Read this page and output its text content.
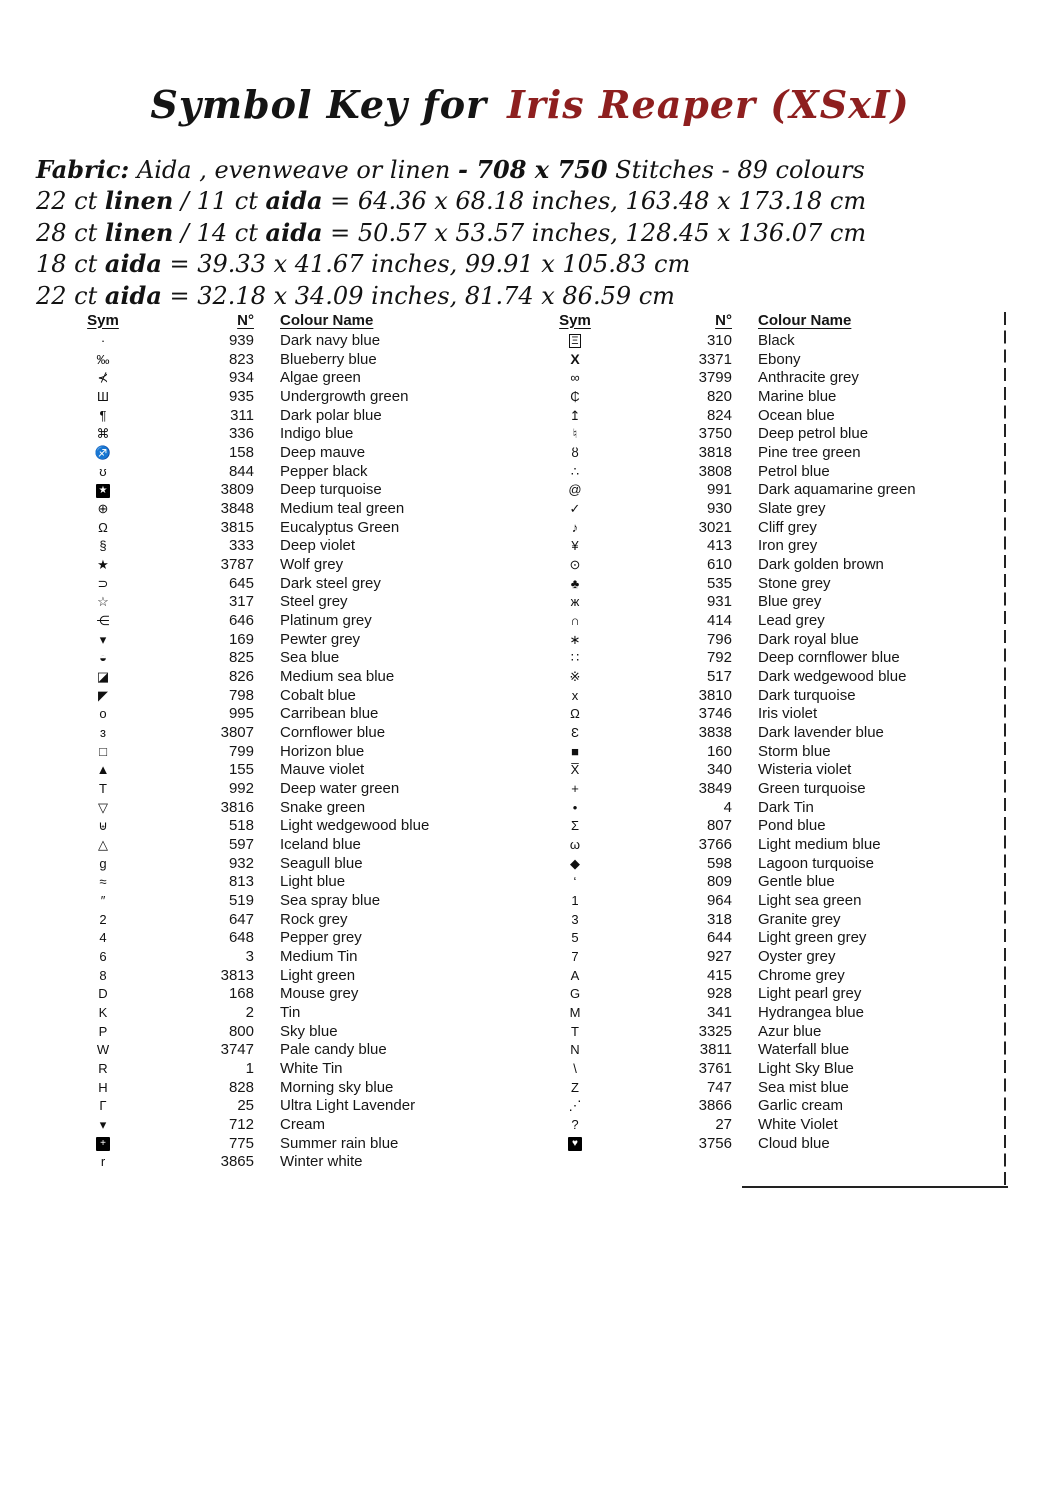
Symbol Key for Iris Reaper (XSxI)
Fabric: Aida , evenweave or linen - 708 x 750 Stitches - 89 colours
22 ct linen / 11 ct aida = 64.36 x 68.18 inches, 163.48 x 173.18 cm
28 ct linen / 14 ct aida = 50.57 x 53.57 inches, 128.45 x 136.07 cm
18 ct aida = 39.33 x 41.67 inches, 99.91 x 105.83 cm
22 ct aida = 32.18 x 34.09 inches, 81.74 x 86.59 cm
Sym	N°	Colour Name
·	939	Dark navy blue
‰	823	Blueberry blue
⊀	934	Algae green
Ш	935	Undergrowth green
¶	311	Dark polar blue
⌘	336	Indigo blue
♐	158	Deep mauve
ʊ	844	Pepper black
★	3809	Deep turquoise
⊕	3848	Medium teal green
Ω	3815	Eucalyptus Green
§	333	Deep violet
★	3787	Wolf grey
⊃	645	Dark steel grey
☆	317	Steel grey
⋲	646	Platinum grey
▾	169	Pewter grey
◒	825	Sea blue
◪	826	Medium sea blue
◤	798	Cobalt blue
o	995	Carribean blue
ɜ	3807	Cornflower blue
□	799	Horizon blue
▲	155	Mauve violet
Τ	992	Deep water green
▽	3816	Snake green
⊎	518	Light wedgewood blue
△	597	Iceland blue
g	932	Seagull blue
≈	813	Light blue
″	519	Sea spray blue
2	647	Rock grey
4	648	Pepper grey
6	3	Medium Tin
8	3813	Light green
D	168	Mouse grey
K	2	Tin
P	800	Sky blue
W	3747	Pale candy blue
R	1	White Tin
H	828	Morning sky blue
Γ	25	Ultra Light Lavender
▾	712	Cream
+	775	Summer rain blue
r	3865	Winter white
Sym	N°	Colour Name
Ξ	310	Black
X	3371	Ebony
∞	3799	Anthracite grey
₵	820	Marine blue
↥	824	Ocean blue
♮	3750	Deep petrol blue
ȣ	3818	Pine tree green
∴	3808	Petrol blue
@	991	Dark aquamarine green
✓	930	Slate grey
♪	3021	Cliff grey
¥	413	Iron grey
⊙	610	Dark golden brown
♣	535	Stone grey
ж	931	Blue grey
∩	414	Lead grey
∗	796	Dark royal blue
∷	792	Deep cornflower blue
※	517	Dark wedgewood blue
x	3810	Dark turquoise
Ω	3746	Iris violet
Ɛ	3838	Dark lavender blue
■	160	Storm blue
X̅	340	Wisteria violet
+	3849	Green turquoise
•	4	Dark Tin
Σ	807	Pond blue
ω	3766	Light medium blue
◆	598	Lagoon turquoise
‘	809	Gentle blue
1	964	Light sea green
3	318	Granite grey
5	644	Light green grey
7	927	Oyster grey
A	415	Chrome grey
G	928	Light pearl grey
M	341	Hydrangea blue
T	3325	Azur blue
N	3811	Waterfall blue
\	3761	Light Sky Blue
Z	747	Sea mist blue
⋰	3866	Garlic cream
?	27	White Violet
♥	3756	Cloud blue
